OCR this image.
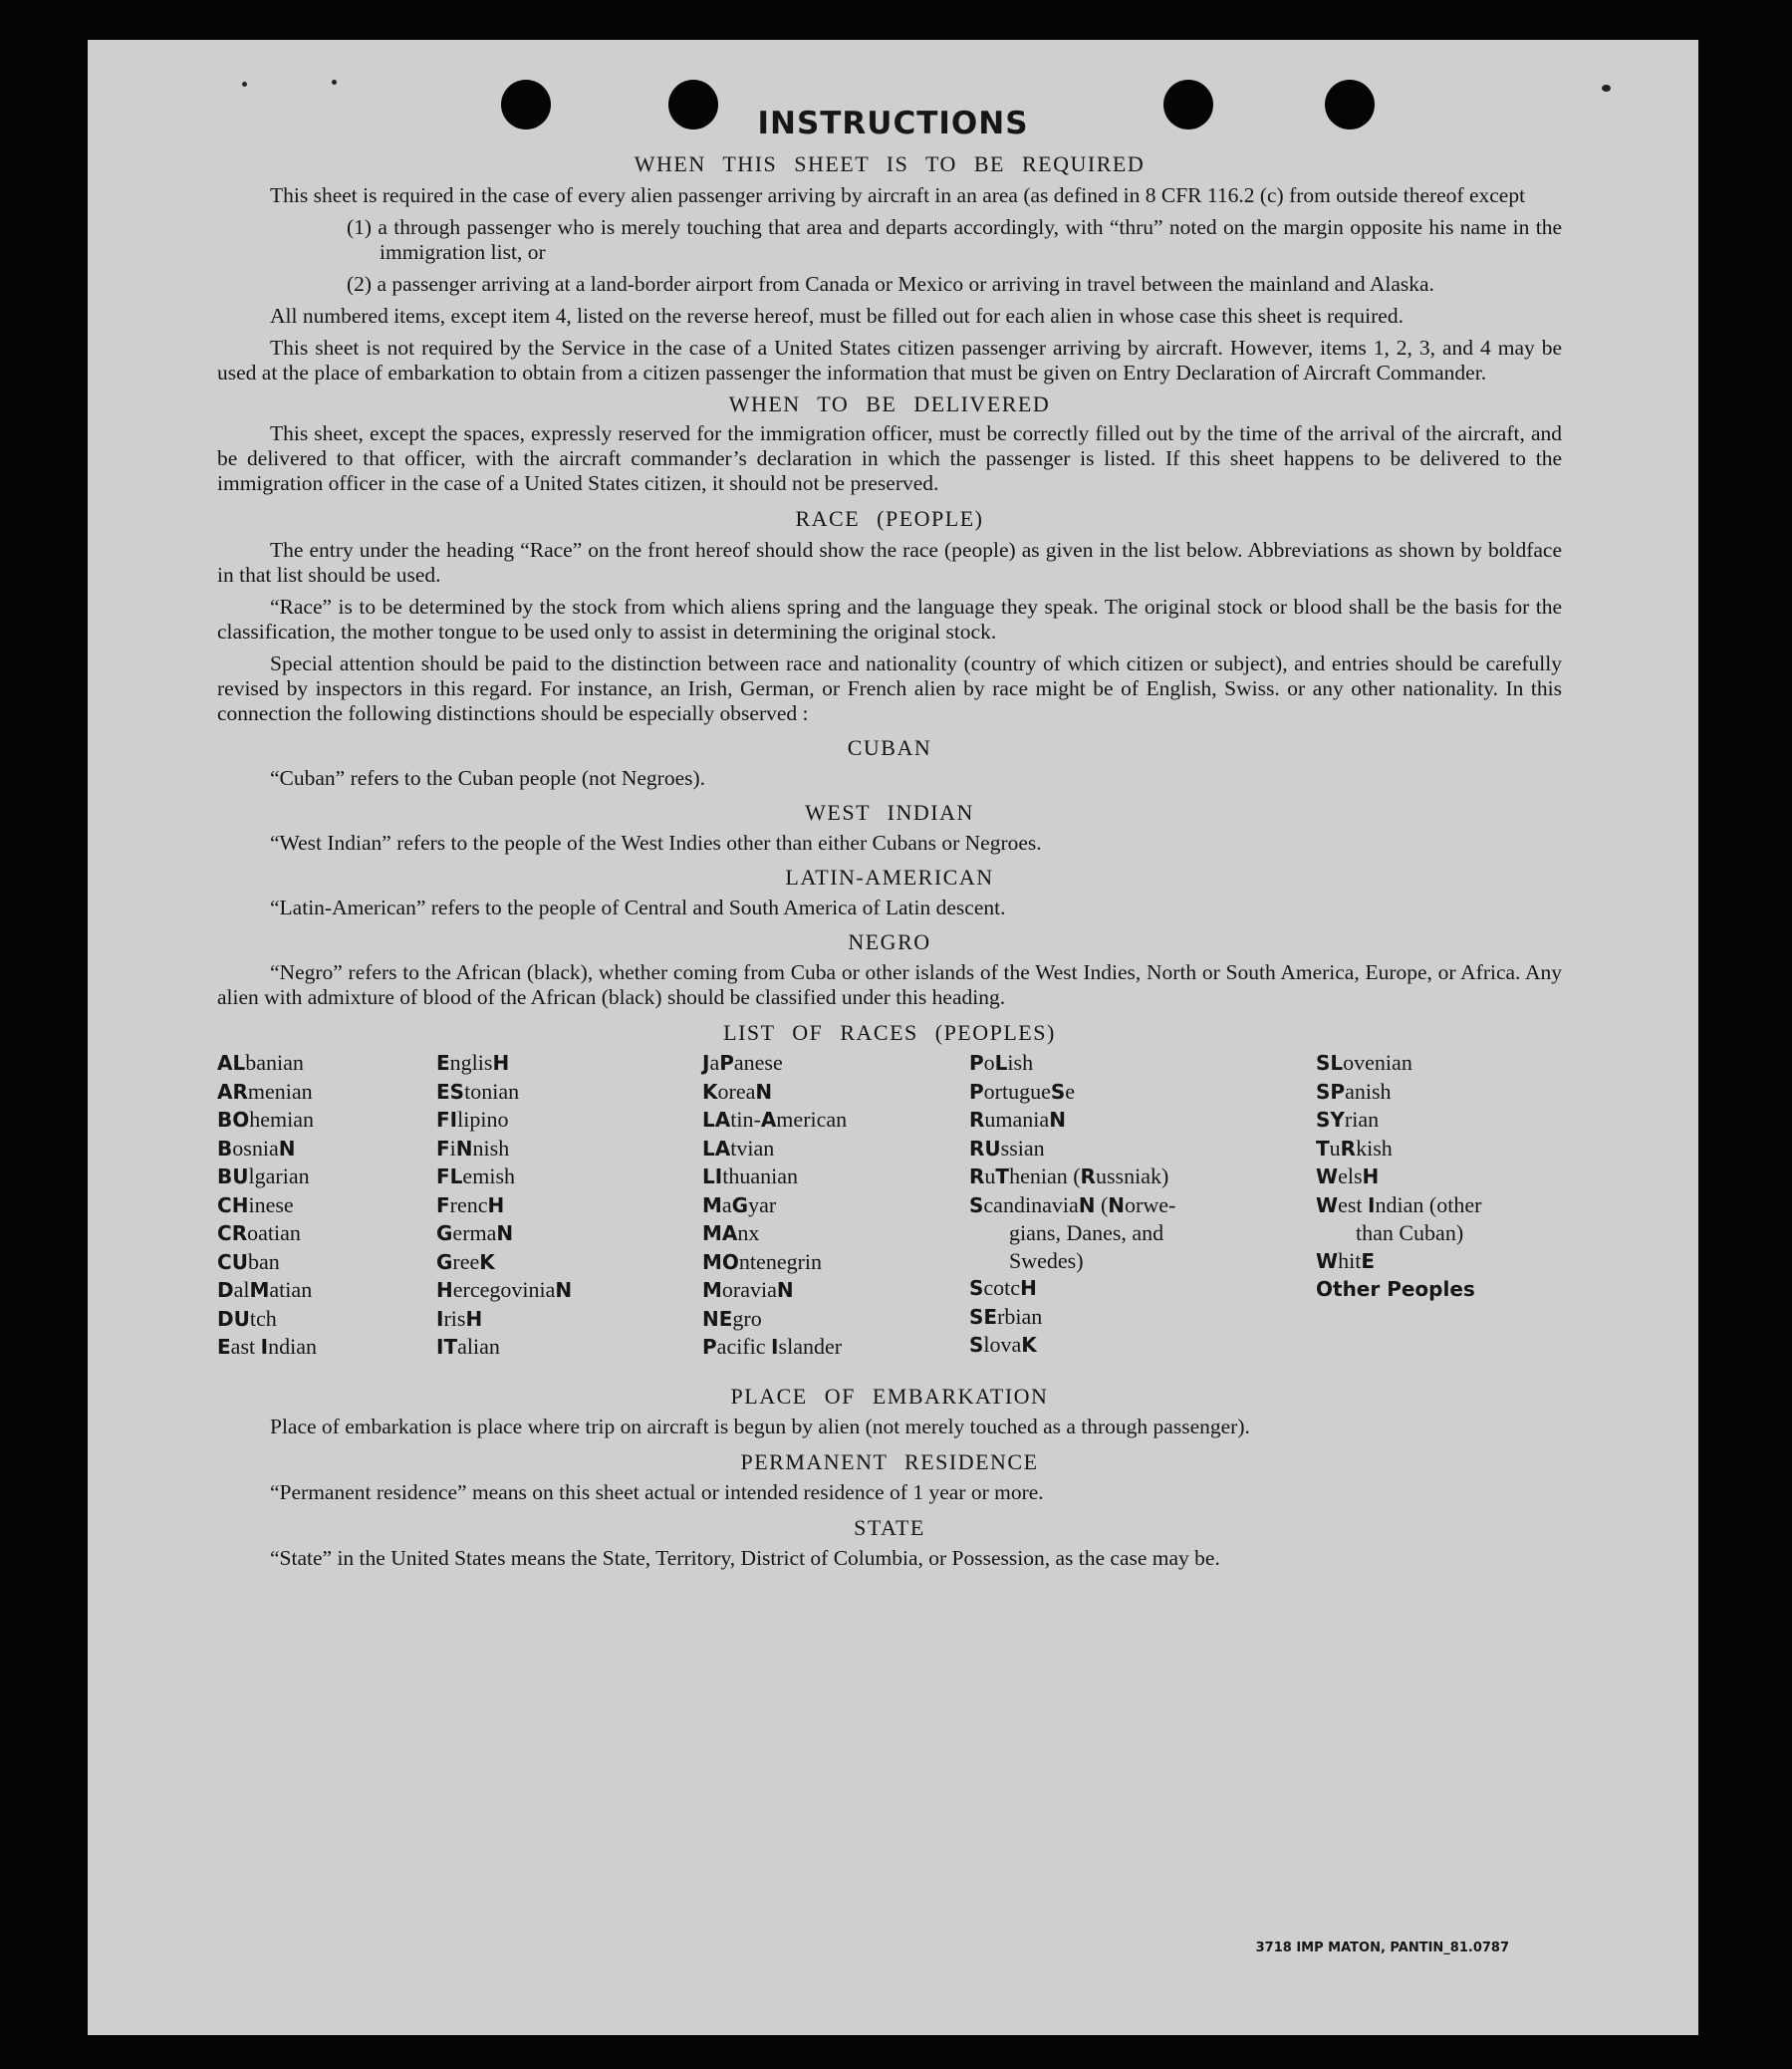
INSTRUCTIONS
WHEN THIS SHEET IS TO BE REQUIRED

This sheet is required in the case of every alien passenger arriving by aircraft in an area (as defined in 8 CFR 116.2 (c) from outside thereof except

(1) a through passenger who is merely touching that area and departs accordingly, with “thru” noted on the margin opposite his name in the immigration list, or

(2) a passenger arriving at a land-border airport from Canada or Mexico or arriving in travel between the mainland and Alaska.

All numbered items, except item 4, listed on the reverse hereof, must be filled out for each alien in whose case this sheet is required.

This sheet is not required by the Service in the case of a United States citizen passenger arriving by aircraft. However, items 1, 2, 3, and 4 may be used at the place of embarkation to obtain from a citizen passenger the information that must be given on Entry Declaration of Aircraft Commander.

WHEN TO BE DELIVERED

This sheet, except the spaces, expressly reserved for the immigration officer, must be correctly filled out by the time of the arrival of the aircraft, and be delivered to that officer, with the aircraft commander’s declaration in which the passenger is listed. If this sheet happens to be delivered to the immigration officer in the case of a United States citizen, it should not be preserved.

RACE (PEOPLE)

The entry under the heading “Race” on the front hereof should show the race (people) as given in the list below. Abbreviations as shown by boldface in that list should be used.

“Race” is to be determined by the stock from which aliens spring and the language they speak. The original stock or blood shall be the basis for the classification, the mother tongue to be used only to assist in determining the original stock.

Special attention should be paid to the distinction between race and nationality (country of which citizen or subject), and entries should be carefully revised by inspectors in this regard. For instance, an Irish, German, or French alien by race might be of English, Swiss. or any other nationality. In this connection the following distinctions should be especially observed :

CUBAN

“Cuban” refers to the Cuban people (not Negroes).

WEST INDIAN

“West Indian” refers to the people of the West Indies other than either Cubans or Negroes.

LATIN-AMERICAN

“Latin-American” refers to the people of Central and South America of Latin descent.

NEGRO

“Negro” refers to the African (black), whether coming from Cuba or other islands of the West Indies, North or South America, Europe, or Africa. Any alien with admixture of blood of the African (black) should be classified under this heading.

LIST OF RACES (PEOPLES)
ALbanian
ARmenian
BOhemian
BosniaN
BUlgarian
CHinese
CRoatian
CUban
DalMatian
DUtch
East Indian
EnglisH
EStonian
FIlipino
FiNnish
FLemish
FrencH
GermaN
GreeK
HercegoviniaN
IrisH
ITalian
JaPanese
KoreaN
LAtin-American
LAtvian
LIthuanian
MaGyar
MAnx
MOntenegrin
MoraviaN
NEgro
Pacific Islander
PoLish
PortugueSe
RumaniaN
RUssian
RuThenian (Russniak)
ScandinaviaN (Norwe-
gians, Danes, and
Swedes)
ScotcH
SErbian
SlovaK
SLovenian
SPanish
SYrian
TuRkish
WelsH
West Indian (other
than Cuban)
WhitE
Other Peoples
PLACE OF EMBARKATION

Place of embarkation is place where trip on aircraft is begun by alien (not merely touched as a through passenger).

PERMANENT RESIDENCE

“Permanent residence” means on this sheet actual or intended residence of 1 year or more.

STATE

“State” in the United States means the State, Territory, District of Columbia, or Possession, as the case may be.

3718 IMP MATON, PANTIN_81.0787
